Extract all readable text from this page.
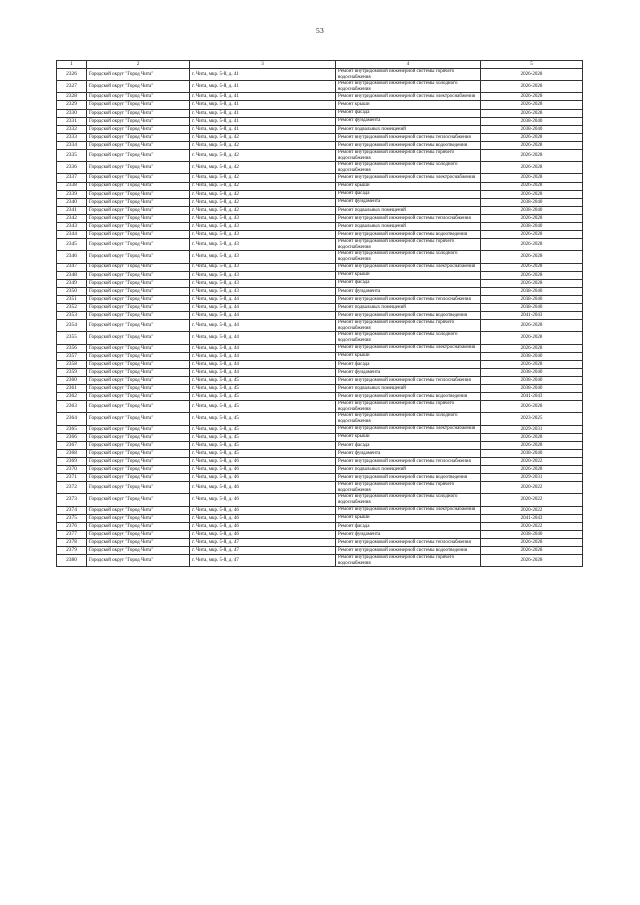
53
1	2	3	4	5
2326	Городской округ "Город Чита"	г. Чита, мкр. 5-й, д. 41	Ремонт внутридомовой инженерной системы горячего водоснабжения	2026-2028
2327	Городской округ "Город Чита"	г. Чита, мкр. 5-й, д. 41	Ремонт внутридомовой инженерной системы холодного водоснабжения	2026-2028
2328	Городской округ "Город Чита"	г. Чита, мкр. 5-й, д. 41	Ремонт внутридомовой инженерной системы электроснабжения	2026-2028
2329	Городской округ "Город Чита"	г. Чита, мкр. 5-й, д. 41	Ремонт крыши	2026-2028
2330	Городской округ "Город Чита"	г. Чита, мкр. 5-й, д. 41	Ремонт фасада	2026-2028
2331	Городской округ "Город Чита"	г. Чита, мкр. 5-й, д. 41	Ремонт фундамента	2038-2040
2332	Городской округ "Город Чита"	г. Чита, мкр. 5-й, д. 41	Ремонт подвальных помещений	2038-2040
2333	Городской округ "Город Чита"	г. Чита, мкр. 5-й, д. 42	Ремонт внутридомовой инженерной системы теплоснабжения	2026-2028
2334	Городской округ "Город Чита"	г. Чита, мкр. 5-й, д. 42	Ремонт внутридомовой инженерной системы водоотведения	2026-2028
2335	Городской округ "Город Чита"	г. Чита, мкр. 5-й, д. 42	Ремонт внутридомовой инженерной системы горячего водоснабжения	2026-2028
2336	Городской округ "Город Чита"	г. Чита, мкр. 5-й, д. 42	Ремонт внутридомовой инженерной системы холодного водоснабжения	2026-2028
2337	Городской округ "Город Чита"	г. Чита, мкр. 5-й, д. 42	Ремонт внутридомовой инженерной системы электроснабжения	2026-2028
2338	Городской округ "Город Чита"	г. Чита, мкр. 5-й, д. 42	Ремонт крыши	2026-2028
2339	Городской округ "Город Чита"	г. Чита, мкр. 5-й, д. 42	Ремонт фасада	2026-2028
2340	Городской округ "Город Чита"	г. Чита, мкр. 5-й, д. 42	Ремонт фундамента	2038-2040
2341	Городской округ "Город Чита"	г. Чита, мкр. 5-й, д. 42	Ремонт подвальных помещений	2038-2040
2342	Городской округ "Город Чита"	г. Чита, мкр. 5-й, д. 43	Ремонт внутридомовой инженерной системы теплоснабжения	2026-2028
2343	Городской округ "Город Чита"	г. Чита, мкр. 5-й, д. 43	Ремонт подвальных помещений	2038-2040
2344	Городской округ "Город Чита"	г. Чита, мкр. 5-й, д. 43	Ремонт внутридомовой инженерной системы водоотведения	2026-2028
2345	Городской округ "Город Чита"	г. Чита, мкр. 5-й, д. 43	Ремонт внутридомовой инженерной системы горячего водоснабжения	2026-2028
2346	Городской округ "Город Чита"	г. Чита, мкр. 5-й, д. 43	Ремонт внутридомовой инженерной системы холодного водоснабжения	2026-2028
2347	Городской округ "Город Чита"	г. Чита, мкр. 5-й, д. 43	Ремонт внутридомовой инженерной системы электроснабжения	2026-2028
2348	Городской округ "Город Чита"	г. Чита, мкр. 5-й, д. 43	Ремонт крыши	2026-2028
2349	Городской округ "Город Чита"	г. Чита, мкр. 5-й, д. 43	Ремонт фасада	2026-2028
2350	Городской округ "Город Чита"	г. Чита, мкр. 5-й, д. 43	Ремонт фундамента	2038-2040
2351	Городской округ "Город Чита"	г. Чита, мкр. 5-й, д. 44	Ремонт внутридомовой инженерной системы теплоснабжения	2038-2040
2352	Городской округ "Город Чита"	г. Чита, мкр. 5-й, д. 44	Ремонт подвальных помещений	2038-2040
2353	Городской округ "Город Чита"	г. Чита, мкр. 5-й, д. 44	Ремонт внутридомовой инженерной системы водоотведения	2041-2043
2354	Городской округ "Город Чита"	г. Чита, мкр. 5-й, д. 44	Ремонт внутридомовой инженерной системы горячего водоснабжения	2026-2028
2355	Городской округ "Город Чита"	г. Чита, мкр. 5-й, д. 44	Ремонт внутридомовой инженерной системы холодного водоснабжения	2026-2028
2356	Городской округ "Город Чита"	г. Чита, мкр. 5-й, д. 44	Ремонт внутридомовой инженерной системы электроснабжения	2026-2028
2357	Городской округ "Город Чита"	г. Чита, мкр. 5-й, д. 44	Ремонт крыши	2038-2040
2358	Городской округ "Город Чита"	г. Чита, мкр. 5-й, д. 44	Ремонт фасада	2026-2028
2359	Городской округ "Город Чита"	г. Чита, мкр. 5-й, д. 44	Ремонт фундамента	2038-2040
2360	Городской округ "Город Чита"	г. Чита, мкр. 5-й, д. 45	Ремонт внутридомовой инженерной системы теплоснабжения	2038-2040
2361	Городской округ "Город Чита"	г. Чита, мкр. 5-й, д. 45	Ремонт подвальных помещений	2038-2040
2362	Городской округ "Город Чита"	г. Чита, мкр. 5-й, д. 45	Ремонт внутридомовой инженерной системы водоотведения	2041-2043
2363	Городской округ "Город Чита"	г. Чита, мкр. 5-й, д. 45	Ремонт внутридомовой инженерной системы горячего водоснабжения	2026-2028
2364	Городской округ "Город Чита"	г. Чита, мкр. 5-й, д. 45	Ремонт внутридомовой инженерной системы холодного водоснабжения	2023-2025
2365	Городской округ "Город Чита"	г. Чита, мкр. 5-й, д. 45	Ремонт внутридомовой инженерной системы электроснабжения	2029-2031
2366	Городской округ "Город Чита"	г. Чита, мкр. 5-й, д. 45	Ремонт крыши	2026-2028
2367	Городской округ "Город Чита"	г. Чита, мкр. 5-й, д. 45	Ремонт фасада	2026-2028
2368	Городской округ "Город Чита"	г. Чита, мкр. 5-й, д. 45	Ремонт фундамента	2038-2040
2369	Городской округ "Город Чита"	г. Чита, мкр. 5-й, д. 46	Ремонт внутридомовой инженерной системы теплоснабжения	2020-2022
2370	Городской округ "Город Чита"	г. Чита, мкр. 5-й, д. 46	Ремонт подвальных помещений	2026-2028
2371	Городской округ "Город Чита"	г. Чита, мкр. 5-й, д. 46	Ремонт внутридомовой инженерной системы водоотведения	2029-2031
2372	Городской округ "Город Чита"	г. Чита, мкр. 5-й, д. 46	Ремонт внутридомовой инженерной системы горячего водоснабжения	2020-2022
2373	Городской округ "Город Чита"	г. Чита, мкр. 5-й, д. 46	Ремонт внутридомовой инженерной системы холодного водоснабжения	2020-2022
2374	Городской округ "Город Чита"	г. Чита, мкр. 5-й, д. 46	Ремонт внутридомовой инженерной системы электроснабжения	2020-2022
2375	Городской округ "Город Чита"	г. Чита, мкр. 5-й, д. 46	Ремонт крыши	2041-2043
2376	Городской округ "Город Чита"	г. Чита, мкр. 5-й, д. 46	Ремонт фасада	2020-2022
2377	Городской округ "Город Чита"	г. Чита, мкр. 5-й, д. 46	Ремонт фундамента	2038-2040
2378	Городской округ "Город Чита"	г. Чита, мкр. 5-й, д. 47	Ремонт внутридомовой инженерной системы теплоснабжения	2026-2028
2379	Городской округ "Город Чита"	г. Чита, мкр. 5-й, д. 47	Ремонт внутридомовой инженерной системы водоотведения	2026-2028
2380	Городской округ "Город Чита"	г. Чита, мкр. 5-й, д. 47	Ремонт внутридомовой инженерной системы горячего водоснабжения	2026-2028
